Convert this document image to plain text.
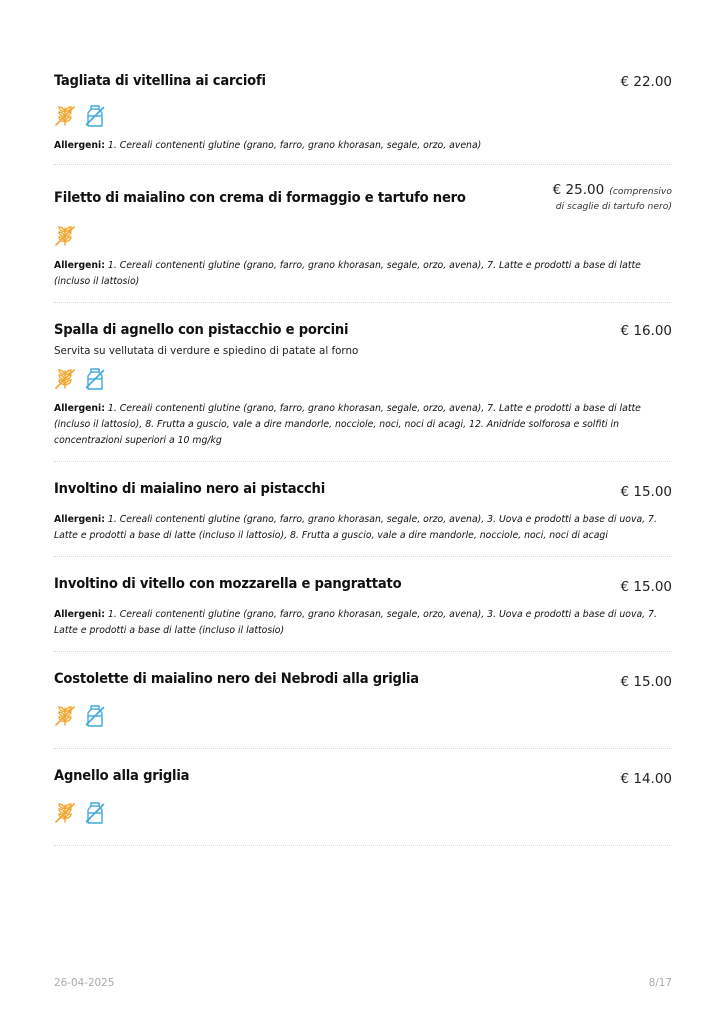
Tagliata di vitellina ai carciofi	€ 22.00
Allergeni: 1. Cereali contenenti glutine (grano, farro, grano khorasan, segale, orzo, avena)
Filetto di maialino con crema di formaggio e tartufo nero	€ 25.00 (comprensivo
di scaglie di tartufo nero)
Allergeni: 1. Cereali contenenti glutine (grano, farro, grano khorasan, segale, orzo, avena), 7. Latte e prodotti a base di latte (incluso il lattosio)
Spalla di agnello con pistacchio e porcini	€ 16.00
Servita su vellutata di verdure e spiedino di patate al forno
Allergeni: 1. Cereali contenenti glutine (grano, farro, grano khorasan, segale, orzo, avena), 7. Latte e prodotti a base di latte (incluso il lattosio), 8. Frutta a guscio, vale a dire mandorle, nocciole, noci, noci di acagi, 12. Anidride solforosa e solfiti in concentrazioni superiori a 10 mg/kg
Involtino di maialino nero ai pistacchi	€ 15.00
Allergeni: 1. Cereali contenenti glutine (grano, farro, grano khorasan, segale, orzo, avena), 3. Uova e prodotti a base di uova, 7. Latte e prodotti a base di latte (incluso il lattosio), 8. Frutta a guscio, vale a dire mandorle, nocciole, noci, noci di acagi
Involtino di vitello con mozzarella e pangrattato	€ 15.00
Allergeni: 1. Cereali contenenti glutine (grano, farro, grano khorasan, segale, orzo, avena), 3. Uova e prodotti a base di uova, 7. Latte e prodotti a base di latte (incluso il lattosio)
Costolette di maialino nero dei Nebrodi alla griglia	€ 15.00
Agnello alla griglia	€ 14.00
26-04-2025	8/17
